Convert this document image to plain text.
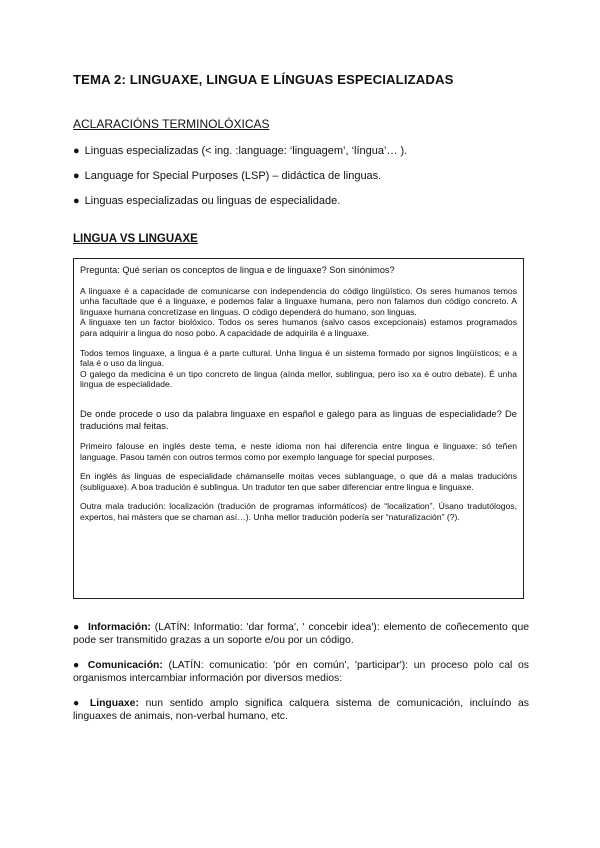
TEMA 2: LINGUAXE, LINGUA E LÍNGUAS ESPECIALIZADAS
ACLARACIÓNS TERMINOLÓXICAS
● Linguas especializadas (< ing. :language: ‘linguagem’, ‘língua’… ).
● Language for Special Purposes (LSP) – didáctica de linguas.
● Linguas especializadas ou linguas de especialidade.
LINGUA VS LINGUAXE

Pregunta: Qué serían os conceptos de lingua e de linguaxe? Son sinónimos?

A linguaxe é a capacidade de comunicarse con independencia do código lingüístico. Os seres humanos temos unha facultade que é a linguaxe, e podemos falar a linguaxe humana, pero non falamos dun código concreto. A linguaxe humana concretízase en linguas. O código dependerá do humano, son linguas.

A linguaxe ten un factor biolóxico. Todos os seres humanos (salvo casos excepcionais) estamos programados para adquirir a lingua do noso pobo. A capacidade de adquirila é a linguaxe.

Todos temos linguaxe, a lingua é a parte cultural. Unha lingua é un sistema formado por signos lingüísticos; e a fala é o uso da lingua.

O galego da medicina é un tipo concreto de lingua (aínda mellor, sublingua, pero iso xa é outro debate). É unha lingua de especialidade.

De onde procede o uso da palabra linguaxe en español e galego para as linguas de especialidade? De traducións mal feitas.

Primeiro falouse en inglés deste tema, e neste idioma non hai diferencia entre lingua e linguaxe: só teñen language. Pasou tamén con outros termos como por exemplo language for special purposes.

En inglés ás linguas de especialidade chámanselle moitas veces sublanguage, o que dá a malas traducións (subliguaxe). A boa tradución é sublingua. Un tradutor ten que saber diferenciar entre lingua e linguaxe.

Outra mala tradución: localización (tradución de programas informáticos) de “localization”. Úsano tradutólogos, expertos, hai másters que se chaman así…). Unha mellor tradución podería ser “naturalización” (?).

● Información: (LATÍN: Informatio: 'dar forma', ' concebir idea'): elemento de coñecemento que pode ser transmitido grazas a un soporte e/ou por un código.

● Comunicación: (LATÍN: comunicatio: 'pór en común', 'participar'): un proceso polo cal os organismos intercambiar información por diversos medios:

● Linguaxe: nun sentido amplo significa calquera sistema de comunicación, incluíndo as linguaxes de animais, non-verbal humano, etc.
